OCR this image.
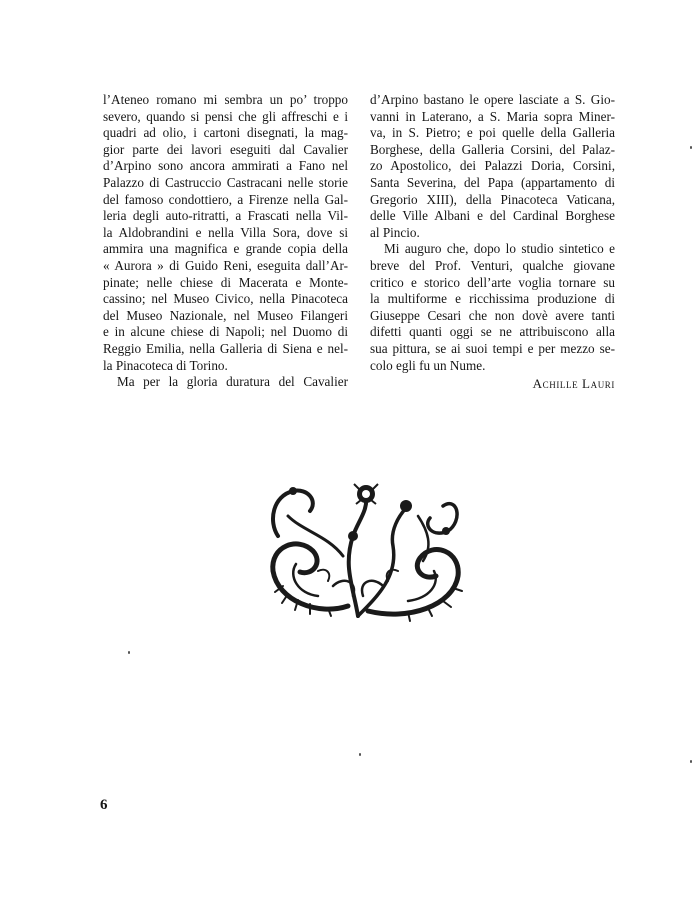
l’Ateneo romano mi sembra un po’ troppo
severo, quando si pensi che gli affreschi e i
quadri ad olio, i cartoni disegnati, la mag-
gior parte dei lavori eseguiti dal Cavalier
d’Arpino sono ancora ammirati a Fano nel
Palazzo di Castruccio Castracani nelle storie
del famoso condottiero, a Firenze nella Gal-
leria degli auto-ritratti, a Frascati nella Vil-
la Aldobrandini e nella Villa Sora, dove si
ammira una magnifica e grande copia della
« Aurora » di Guido Reni, eseguita dall’Ar-
pinate; nelle chiese di Macerata e Monte-
cassino; nel Museo Civico, nella Pinacoteca
del Museo Nazionale, nel Museo Filangeri
e in alcune chiese di Napoli; nel Duomo di
Reggio Emilia, nella Galleria di Siena e nel-
la Pinacoteca di Torino.
Ma per la gloria duratura del Cavalier
d’Arpino bastano le opere lasciate a S. Gio-
vanni in Laterano, a S. Maria sopra Miner-
va, in S. Pietro; e poi quelle della Galleria
Borghese, della Galleria Corsini, del Palaz-
zo Apostolico, dei Palazzi Doria, Corsini,
Santa Severina, del Papa (appartamento di
Gregorio XIII), della Pinacoteca Vaticana,
delle Ville Albani e del Cardinal Borghese
al Pincio.
Mi auguro che, dopo lo studio sintetico e
breve del Prof. Venturi, qualche giovane
critico e storico dell’arte voglia tornare su
la multiforme e ricchissima produzione di
Giuseppe Cesari che non dovè avere tanti
difetti quanti oggi se ne attribuiscono alla
sua pittura, se ai suoi tempi e per mezzo se-
colo egli fu un Nume.
Achille Lauri
6
